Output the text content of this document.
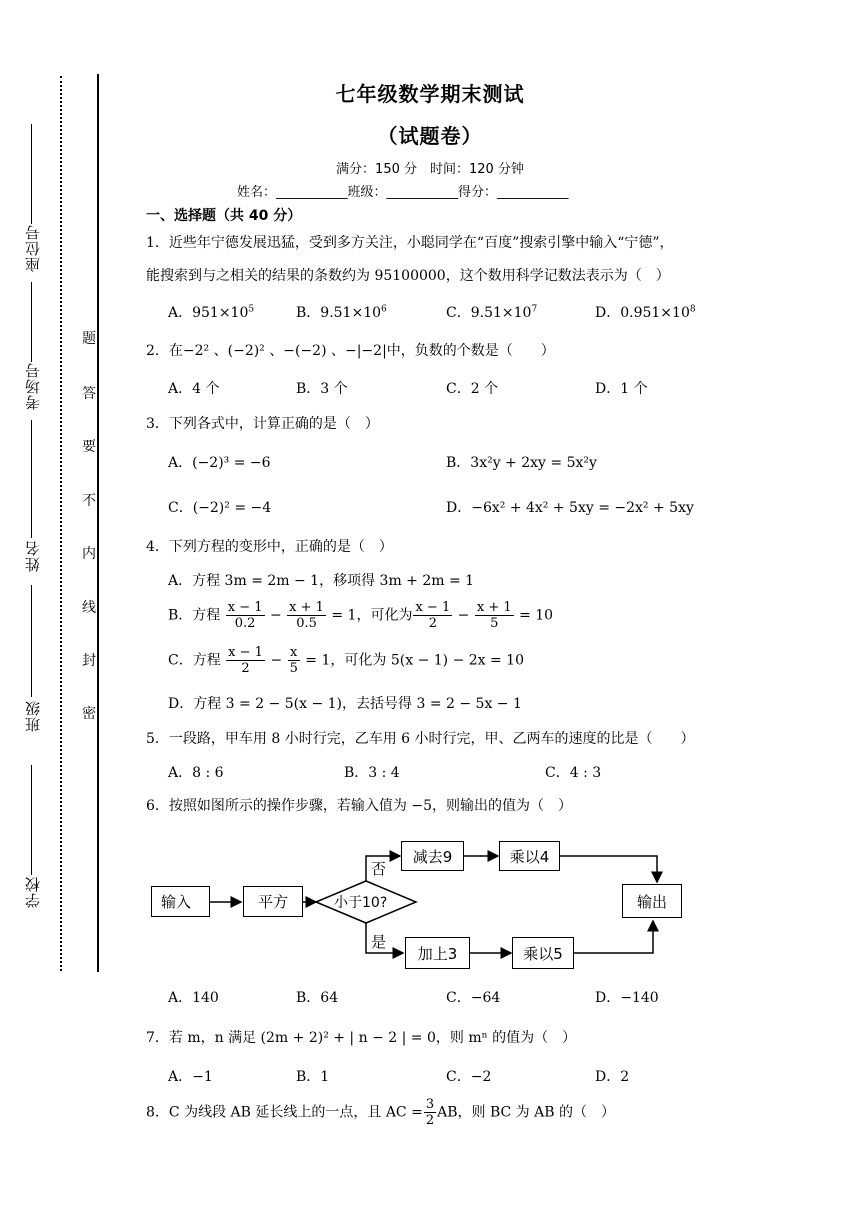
座位号
考场号
姓名
班级
学校
题
答
要
不
内
线
封
密
七年级数学期末测试
（试题卷）
满分：150 分　时间：120 分钟
姓名：___________班级：___________得分：___________
一、选择题（共 40 分）
1．近些年宁德发展迅猛，受到多方关注，小聪同学在“百度”搜索引擎中输入“宁德”，
能搜索到与之相关的结果的条数约为 95100000，这个数用科学记数法表示为（　）
A．$951\times 10^5$	B．$9.51\times 10^6$	C．$9.51\times 10^7$	D．$0.951\times 10^8$
2．在−2² 、(−2)² 、−(−2) 、−|−2|中，负数的个数是（　　）
A．4 个	B．3 个	C．2 个	D．1 个
3．下列各式中，计算正确的是（　）
A．(−2)³ = −6	B．3x²y + 2xy = 5x²y
C．(−2)² = −4	D．−6x² + 4x² + 5xy = −2x² + 5xy
4．下列方程的变形中，正确的是（　）
A．方程 3m = 2m − 1，移项得 3m + 2m = 1
B．方程 $\frac{x - 1}{0.2} - \frac{x + 1}{0.5} = 1$，可化为 $\frac{x - 1}{2} - \frac{x + 1}{5} = 10$
C．方程 $\frac{x - 1}{2} - \frac{x}{5} = 1$，可化为 5(x − 1) − 2x = 10
D．方程 3 = 2 − 5(x − 1)，去括号得 3 = 2 − 5x − 1
5．一段路，甲车用 8 小时行完，乙车用 6 小时行完，甲、乙两车的速度的比是（　　）
A．8 : 6	B．3 : 4	C．4 : 3
6．按照如图所示的操作步骤，若输入值为 −5，则输出的值为（　）
输入	平方	小于10?
否
是
减去9	乘以4
加上3	乘以5
输出
A．140	B．64	C．−64	D．−140
7．若 m，n 满足 (2m + 2)² + | n − 2 | = 0，则 mⁿ 的值为（　）
A．−1	B．1	C．−2	D．2
8．C 为线段 AB 延长线上的一点，且 AC = $\frac{3}{2}$ AB，则 BC 为 AB 的（　）
